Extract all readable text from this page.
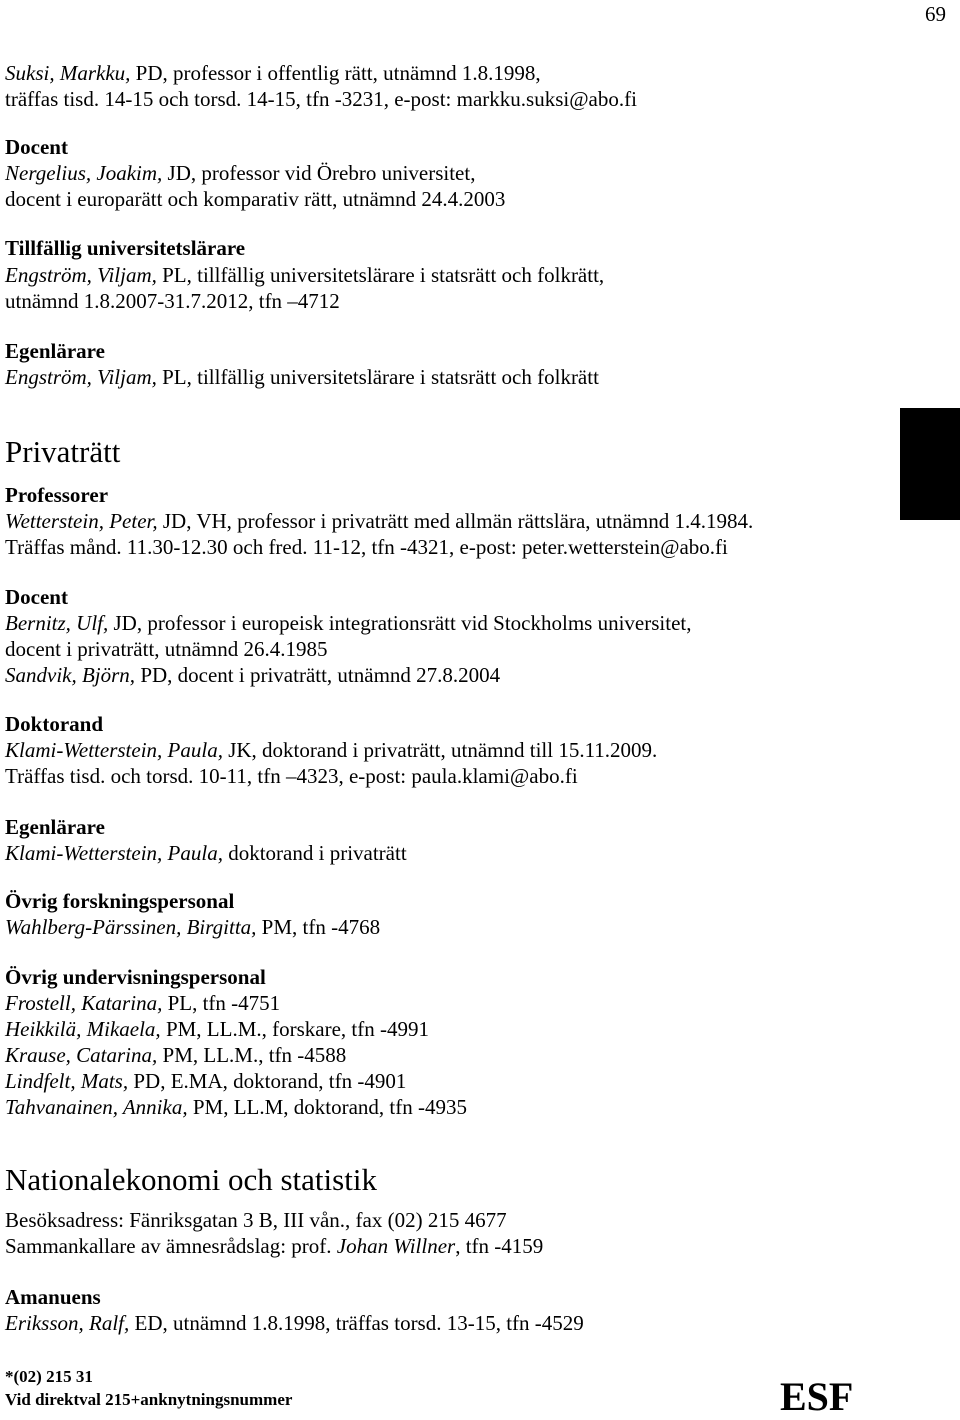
69
Suksi, Markku, PD, professor i offentlig rätt, utnämnd 1.8.1998,
träffas tisd. 14-15 och torsd. 14-15, tfn -3231, e-post: markku.suksi@abo.fi
Docent
Nergelius, Joakim, JD, professor vid Örebro universitet,
docent i europarätt och komparativ rätt, utnämnd 24.4.2003
Tillfällig universitetslärare
Engström, Viljam, PL, tillfällig universitetslärare i statsrätt och folkrätt,
utnämnd 1.8.2007-31.7.2012, tfn –4712
Egenlärare
Engström, Viljam, PL, tillfällig universitetslärare i statsrätt och folkrätt
Privaträtt
Professorer
Wetterstein, Peter, JD, VH, professor i privaträtt med allmän rättslära, utnämnd 1.4.1984.
Träffas månd. 11.30-12.30 och fred. 11-12, tfn -4321, e-post: peter.wetterstein@abo.fi
Docent
Bernitz, Ulf, JD, professor i europeisk integrationsrätt vid Stockholms universitet,
docent i privaträtt, utnämnd 26.4.1985
Sandvik, Björn, PD, docent i privaträtt, utnämnd 27.8.2004
Doktorand
Klami-Wetterstein, Paula, JK, doktorand i privaträtt, utnämnd till 15.11.2009.
Träffas tisd. och torsd. 10-11, tfn –4323, e-post: paula.klami@abo.fi
Egenlärare
Klami-Wetterstein, Paula, doktorand i privaträtt
Övrig forskningspersonal
Wahlberg-Pärssinen, Birgitta, PM, tfn -4768
Övrig undervisningspersonal
Frostell, Katarina, PL, tfn -4751
Heikkilä, Mikaela, PM, LL.M., forskare, tfn -4991
Krause, Catarina, PM, LL.M., tfn -4588
Lindfelt, Mats, PD, E.MA, doktorand, tfn -4901
Tahvanainen, Annika, PM, LL.M, doktorand, tfn -4935
Nationalekonomi och statistik
Besöksadress: Fänriksgatan 3 B, III vån., fax (02) 215 4677
Sammankallare av ämnesrådslag: prof. Johan Willner, tfn -4159
Amanuens
Eriksson, Ralf, ED, utnämnd 1.8.1998, träffas torsd. 13-15, tfn -4529
*(02) 215 31
Vid direktval 215+anknytningsnummer	ESF
